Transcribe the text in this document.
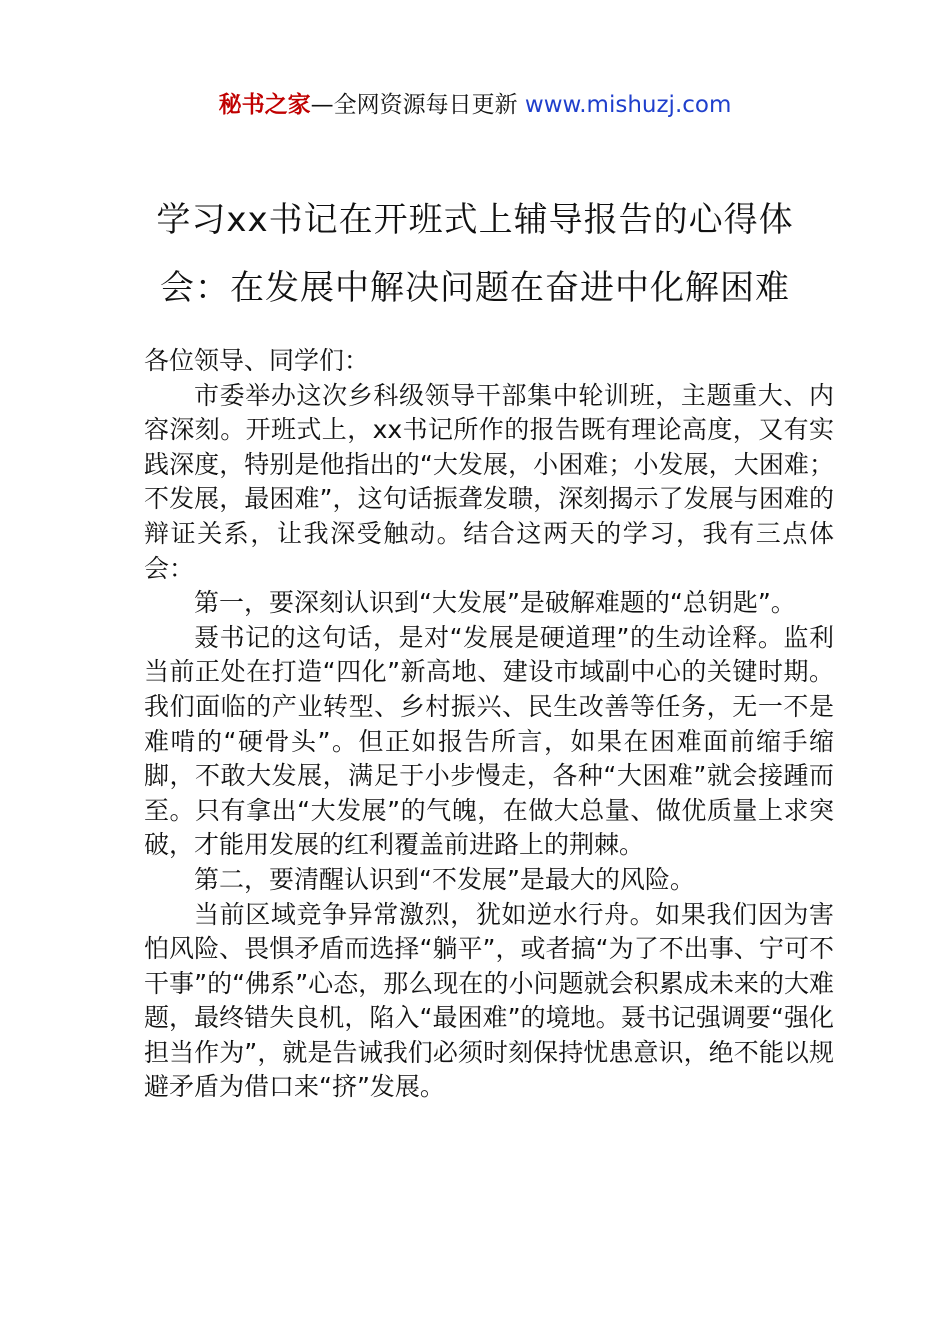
秘书之家—全网资源每日更新 www.mishuzj.com
学习xx书记在开班式上辅导报告的心得体
会：在发展中解决问题在奋进中化解困难

各位领导、同学们：

市委举办这次乡科级领导干部集中轮训班，主题重大、内容深刻。开班式上，xx书记所作的报告既有理论高度，又有实践深度，特别是他指出的“大发展，小困难；小发展，大困难；不发展，最困难”，这句话振聋发聩，深刻揭示了发展与困难的辩证关系，让我深受触动。结合这两天的学习，我有三点体会：

第一，要深刻认识到“大发展”是破解难题的“总钥匙”。

聂书记的这句话，是对“发展是硬道理”的生动诠释。监利当前正处在打造“四化”新高地、建设市域副中心的关键时期。我们面临的产业转型、乡村振兴、民生改善等任务，无一不是难啃的“硬骨头”。但正如报告所言，如果在困难面前缩手缩脚，不敢大发展，满足于小步慢走，各种“大困难”就会接踵而至。只有拿出“大发展”的气魄，在做大总量、做优质量上求突破，才能用发展的红利覆盖前进路上的荆棘。

第二，要清醒认识到“不发展”是最大的风险。

当前区域竞争异常激烈，犹如逆水行舟。如果我们因为害怕风险、畏惧矛盾而选择“躺平”，或者搞“为了不出事、宁可不干事”的“佛系”心态，那么现在的小问题就会积累成未来的大难题，最终错失良机，陷入“最困难”的境地。聂书记强调要“强化担当作为”，就是告诫我们必须时刻保持忧患意识，绝不能以规避矛盾为借口来“挤”发展。
